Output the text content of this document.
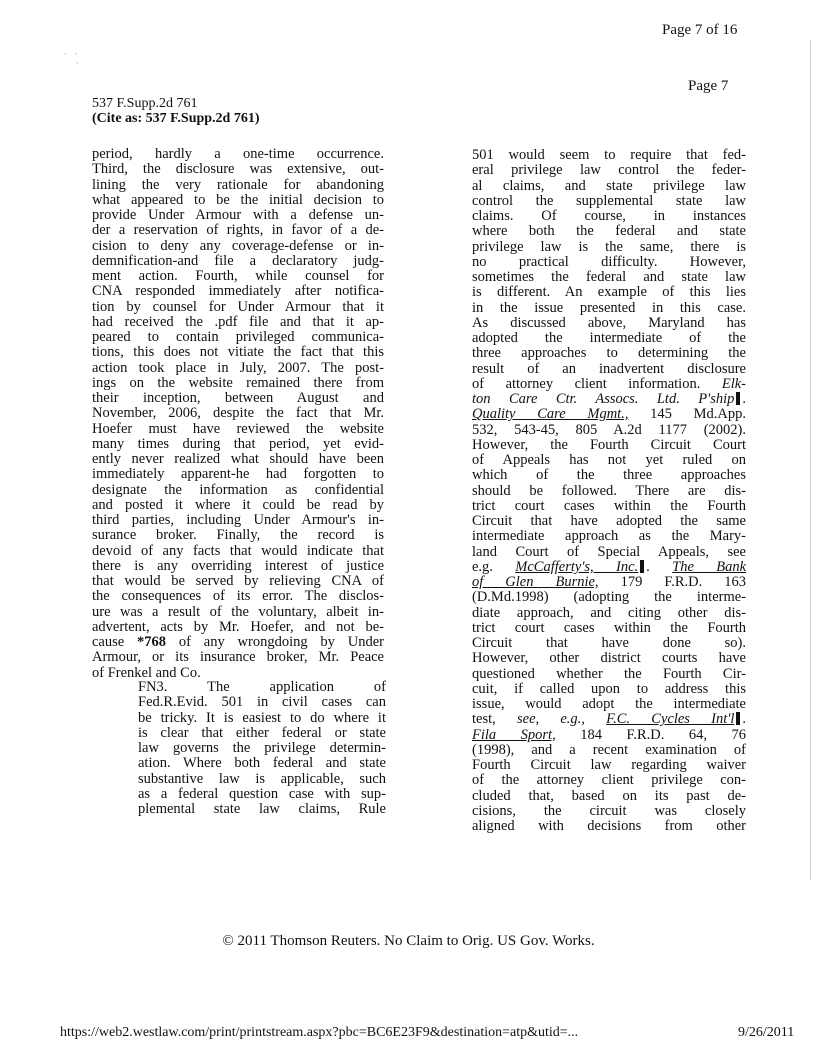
Page 7 of 16
·    ·
·
Page 7
537 F.Supp.2d 761
(Cite as: 537 F.Supp.2d 761)
period, hardly a one-time occurrence.
Third, the disclosure was extensive, out-
lining the very rationale for abandoning
what appeared to be the initial decision to
provide Under Armour with a defense un-
der a reservation of rights, in favor of a de-
cision to deny any coverage-defense or in-
demnification-and file a declaratory judg-
ment action. Fourth, while counsel for
CNA responded immediately after notifica-
tion by counsel for Under Armour that it
had received the .pdf file and that it ap-
peared to contain privileged communica-
tions, this does not vitiate the fact that this
action took place in July, 2007. The post-
ings on the website remained there from
their inception, between August and
November, 2006, despite the fact that Mr.
Hoefer must have reviewed the website
many times during that period, yet evid-
ently never realized what should have been
immediately apparent-he had forgotten to
designate the information as confidential
and posted it where it could be read by
third parties, including Under Armour's in-
surance broker. Finally, the record is
devoid of any facts that would indicate that
there is any overriding interest of justice
that would be served by relieving CNA of
the consequences of its error. The disclos-
ure was a result of the voluntary, albeit in-
advertent, acts by Mr. Hoefer, and not be-
cause *768 of any wrongdoing by Under
Armour, or its insurance broker, Mr. Peace
of Frenkel and Co.
FN3. The application of
Fed.R.Evid. 501 in civil cases can
be tricky. It is easiest to do where it
is clear that either federal or state
law governs the privilege determin-
ation. Where both federal and state
substantive law is applicable, such
as a federal question case with sup-
plemental state law claims, Rule
501 would seem to require that fed-
eral privilege law control the feder-
al claims, and state privilege law
control the supplemental state law
claims. Of course, in instances
where both the federal and state
privilege law is the same, there is
no practical difficulty. However,
sometimes the federal and state law
is different. An example of this lies
in the issue presented in this case.
As discussed above, Maryland has
adopted the intermediate of the
three approaches to determining the
result of an inadvertent disclosure
of attorney client information. Elk-
ton Care Ctr. Assocs. Ltd. P'ship .
Quality Care Mgmt., 145 Md.App.
532, 543-45, 805 A.2d 1177 (2002).
However, the Fourth Circuit Court
of Appeals has not yet ruled on
which of the three approaches
should be followed. There are dis-
trict court cases within the Fourth
Circuit that have adopted the same
intermediate approach as the Mary-
land Court of Special Appeals, see
e.g. McCafferty's, Inc. . The Bank
of Glen Burnie, 179 F.R.D. 163
(D.Md.1998) (adopting the interme-
diate approach, and citing other dis-
trict court cases within the Fourth
Circuit that have done so).
However, other district courts have
questioned whether the Fourth Cir-
cuit, if called upon to address this
issue, would adopt the intermediate
test, see, e.g., F.C. Cycles Int'l .
Fila Sport, 184 F.R.D. 64, 76
(1998), and a recent examination of
Fourth Circuit law regarding waiver
of the attorney client privilege con-
cluded that, based on its past de-
cisions, the circuit was closely
aligned with decisions from other
© 2011 Thomson Reuters. No Claim to Orig. US Gov. Works.
https://web2.westlaw.com/print/printstream.aspx?pbc=BC6E23F9&destination=atp&utid=...	9/26/2011
